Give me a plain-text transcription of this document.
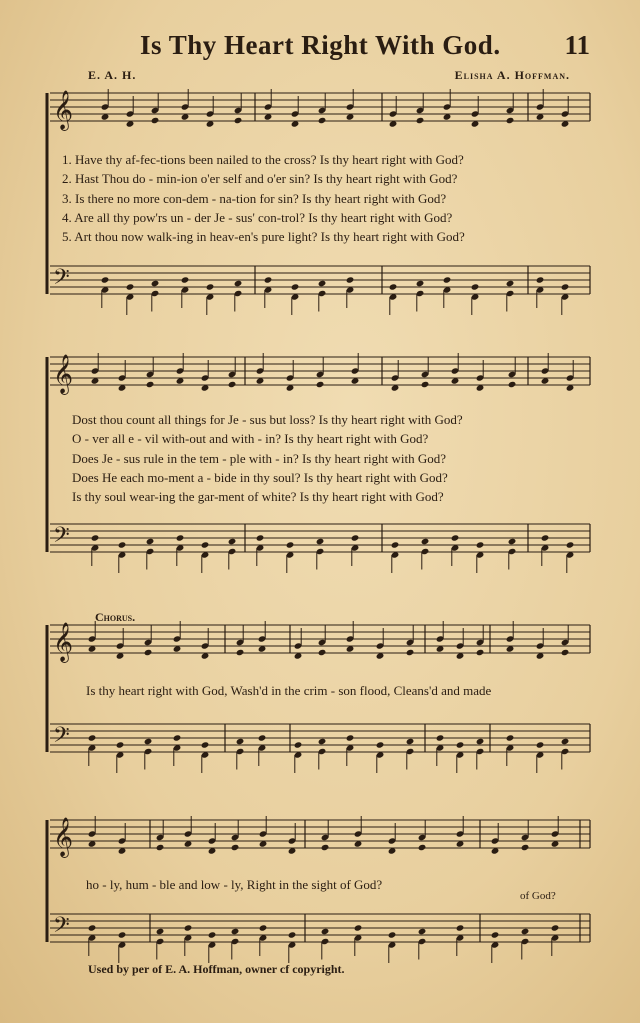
Is Thy Heart Right With God. 11
E. A. H.	Elisha A. Hoffman.
𝄞
𝄞
𝄞
𝄞
𝄢
𝄢
𝄢
𝄢
1. Have thy af-fec-tions been nailed to the cross? Is thy heart right with God?
2. Hast Thou do - min-ion o'er self and o'er sin? Is thy heart right with God?
3. Is there no more con-dem - na-tion for sin? Is thy heart right with God?
4. Are all thy pow'rs un - der Je - sus' con-trol? Is thy heart right with God?
5. Art thou now walk-ing in heav-en's pure light? Is thy heart right with God?
Dost thou count all things for Je - sus but loss? Is thy heart right with God?
O - ver all e - vil with-out and with - in? Is thy heart right with God?
Does Je - sus rule in the tem - ple with - in? Is thy heart right with God?
Does He each mo-ment a - bide in thy soul? Is thy heart right with God?
Is thy soul wear-ing the gar-ment of white? Is thy heart right with God?
Chorus.
Is thy heart right with God, Wash'd in the crim - son flood, Cleans'd and made
ho - ly, hum - ble and low - ly, Right in the sight of God?
of God?
Used by per of E. A. Hoffman, owner cf copyright.
